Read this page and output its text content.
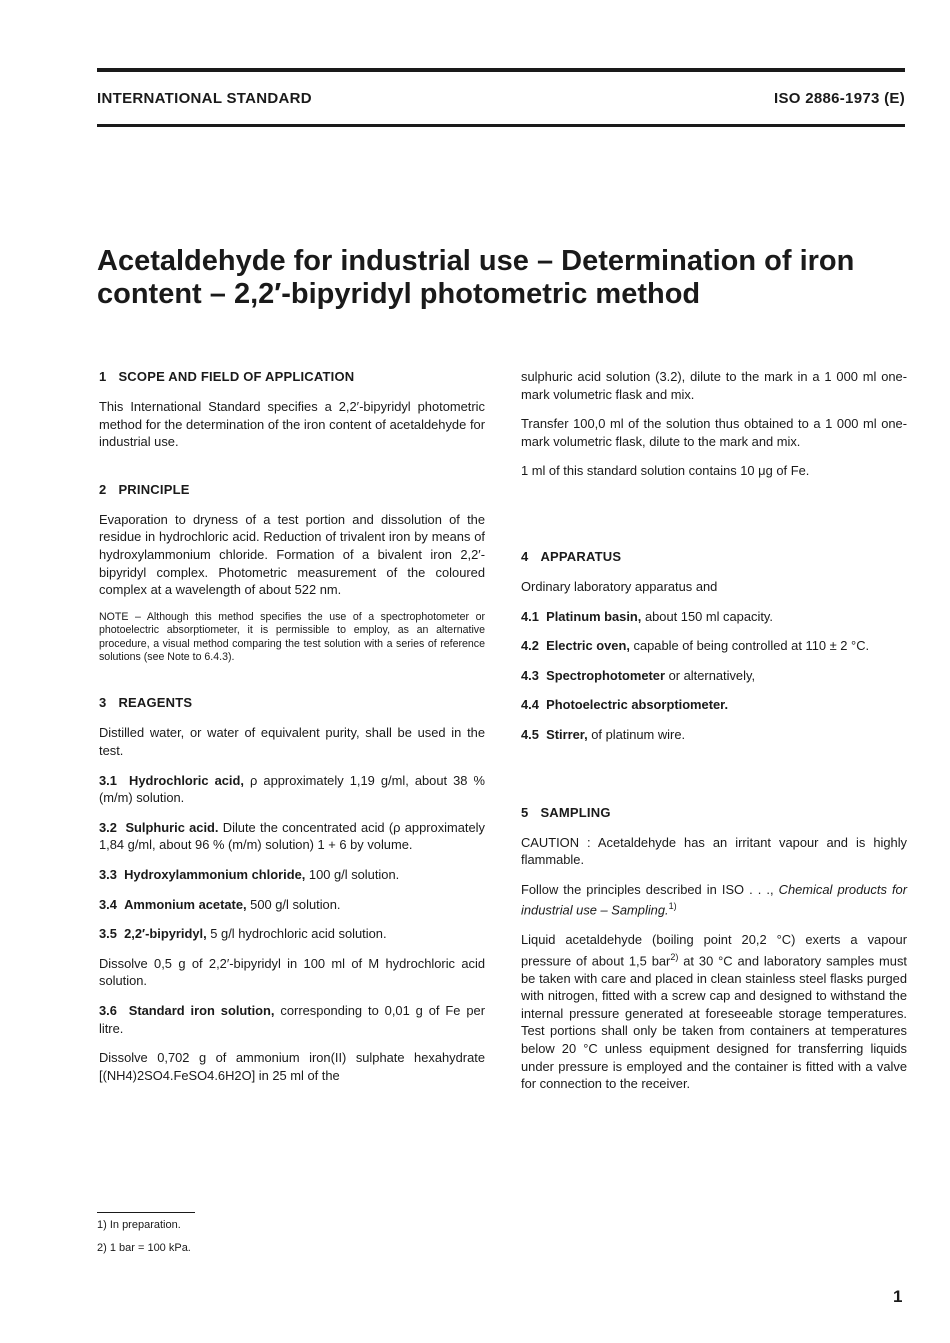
INTERNATIONAL STANDARD	ISO 2886-1973 (E)
Acetaldehyde for industrial use – Determination of iron
content – 2,2′-bipyridyl photometric method
1 SCOPE AND FIELD OF APPLICATION

This International Standard specifies a 2,2′-bipyridyl photometric method for the determination of the iron content of acetaldehyde for industrial use.

2 PRINCIPLE

Evaporation to dryness of a test portion and dissolution of the residue in hydrochloric acid. Reduction of trivalent iron by means of hydroxylammonium chloride. Formation of a bivalent iron 2,2′-bipyridyl complex. Photometric measurement of the coloured complex at a wavelength of about 522 nm.

NOTE – Although this method specifies the use of a spectrophotometer or photoelectric absorptiometer, it is permissible to employ, as an alternative procedure, a visual method comparing the test solution with a series of reference solutions (see Note to 6.4.3).

3 REAGENTS

Distilled water, or water of equivalent purity, shall be used in the test.

3.1 Hydrochloric acid, ρ approximately 1,19 g/ml, about 38 % (m/m) solution.

3.2 Sulphuric acid. Dilute the concentrated acid (ρ approximately 1,84 g/ml, about 96 % (m/m) solution) 1 + 6 by volume.

3.3 Hydroxylammonium chloride, 100 g/l solution.

3.4 Ammonium acetate, 500 g/l solution.

3.5 2,2′-bipyridyl, 5 g/l hydrochloric acid solution.

Dissolve 0,5 g of 2,2′-bipyridyl in 100 ml of M hydrochloric acid solution.

3.6 Standard iron solution, corresponding to 0,01 g of Fe per litre.

Dissolve 0,702 g of ammonium iron(II) sulphate hexahydrate [(NH4)2SO4.FeSO4.6H2O] in 25 ml of the

sulphuric acid solution (3.2), dilute to the mark in a 1 000 ml one-mark volumetric flask and mix.

Transfer 100,0 ml of the solution thus obtained to a 1 000 ml one-mark volumetric flask, dilute to the mark and mix.

1 ml of this standard solution contains 10 μg of Fe.

4 APPARATUS

Ordinary laboratory apparatus and

4.1 Platinum basin, about 150 ml capacity.

4.2 Electric oven, capable of being controlled at 110 ± 2 °C.

4.3 Spectrophotometer or alternatively,

4.4 Photoelectric absorptiometer.

4.5 Stirrer, of platinum wire.

5 SAMPLING

CAUTION : Acetaldehyde has an irritant vapour and is highly flammable.

Follow the principles described in ISO . . ., Chemical products for industrial use – Sampling.$^{1)}$

Liquid acetaldehyde (boiling point 20,2 °C) exerts a vapour pressure of about 1,5 bar$^{2)}$ at 30 °C and laboratory samples must be taken with care and placed in clean stainless steel flasks purged with nitrogen, fitted with a screw cap and designed to withstand the internal pressure generated at foreseeable storage temperatures. Test portions shall only be taken from containers at temperatures below 20 °C unless equipment designed for transferring liquids under pressure is employed and the container is fitted with a valve for connection to the receiver.

1) In preparation.
2) 1 bar = 100 kPa.
1
